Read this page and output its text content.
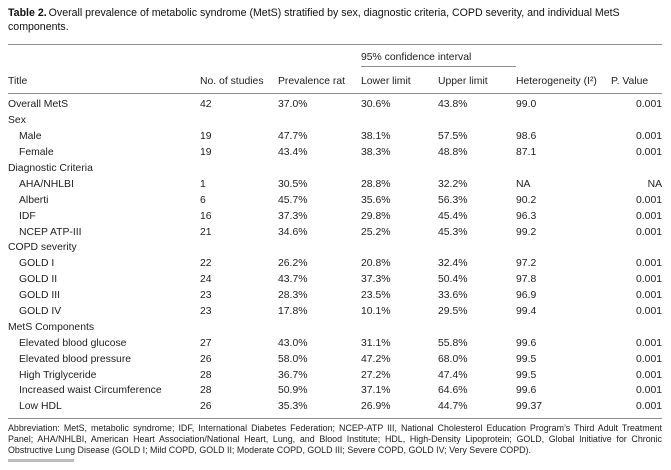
Table 2. Overall prevalence of metabolic syndrome (MetS) stratified by sex, diagnostic criteria, COPD severity, and individual MetS components.
			95% confidence interval			
Title	No. of studies	Prevalence rat	Lower limit	Upper limit	Heterogeneity (I²)	P. Value
Overall MetS	42	37.0%	30.6%	43.8%	99.0	0.001
Sex						
Male	19	47.7%	38.1%	57.5%	98.6	0.001
Female	19	43.4%	38.3%	48.8%	87.1	0.001
Diagnostic Criteria						
AHA/NHLBI	1	30.5%	28.8%	32.2%	NA	NA
Alberti	6	45.7%	35.6%	56.3%	90.2	0.001
IDF	16	37.3%	29.8%	45.4%	96.3	0.001
NCEP ATP-III	21	34.6%	25.2%	45.3%	99.2	0.001
COPD severity						
GOLD I	22	26.2%	20.8%	32.4%	97.2	0.001
GOLD II	24	43.7%	37.3%	50.4%	97.8	0.001
GOLD III	23	28.3%	23.5%	33.6%	96.9	0.001
GOLD IV	23	17.8%	10.1%	29.5%	99.4	0.001
MetS Components						
Elevated blood glucose	27	43.0%	31.1%	55.8%	99.6	0.001
Elevated blood pressure	26	58.0%	47.2%	68.0%	99.5	0.001
High Triglyceride	28	36.7%	27.2%	47.4%	99.5	0.001
Increased waist Circumference	28	50.9%	37.1%	64.6%	99.6	0.001
Low HDL	26	35.3%	26.9%	44.7%	99.37	0.001
Abbreviation: MetS, metabolic syndrome; IDF, International Diabetes Federation; NCEP-ATP III, National Cholesterol Education Program’s Third Adult Treatment Panel; AHA/NHLBI, American Heart Association/National Heart, Lung, and Blood Institute; HDL, High-Density Lipoprotein; GOLD, Global Initiative for Chronic Obstructive Lung Disease (GOLD I; Mild COPD, GOLD II; Moderate COPD, GOLD III; Severe COPD, GOLD IV; Very Severe COPD).
